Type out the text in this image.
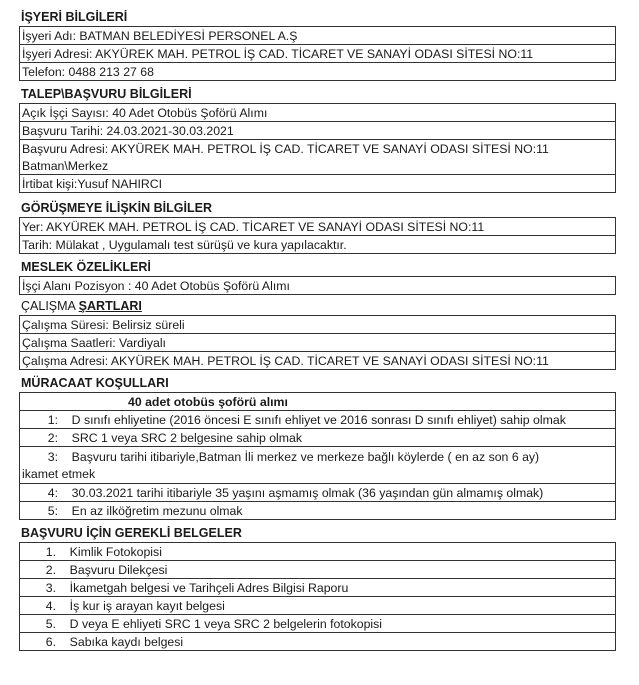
İŞYERİ BİLGİLERİ
İşyeri Adı: BATMAN BELEDİYESİ PERSONEL A.Ş
İşyeri Adresi: AKYÜREK MAH. PETROL İŞ CAD. TİCARET VE SANAYİ ODASI SİTESİ NO:11
Telefon: 0488 213 27 68
TALEP\BAŞVURU BİLGİLERİ
Açık İşçi Sayısı: 40 Adet Otobüs Şoförü Alımı
Başvuru Tarihi: 24.03.2021-30.03.2021
Başvuru Adresi: AKYÜREK MAH. PETROL İŞ CAD. TİCARET VE SANAYİ ODASI SİTESİ NO:11
Batman\Merkez
İrtibat kişi:Yusuf NAHIRCI
GÖRÜŞMEYE İLİŞKİN BİLGİLER
Yer: AKYÜREK MAH. PETROL İŞ CAD. TİCARET VE SANAYİ ODASI SİTESİ NO:11
Tarih: Mülakat , Uygulamalı test sürüşü ve kura yapılacaktır.
MESLEK ÖZELİKLERİ
İşçi Alanı Pozisyon : 40 Adet Otobüs Şoförü Alımı
ÇALIŞMA ŞARTLARI
Çalışma Süresi: Belirsiz süreli
Çalışma Saatleri: Vardiyalı
Çalışma Adresi: AKYÜREK MAH. PETROL İŞ CAD. TİCARET VE SANAYİ ODASI SİTESİ NO:11
MÜRACAAT KOŞULLARI
40 adet otobüs şoförü alımı
1: D sınıfı ehliyetine (2016 öncesi E sınıfı ehliyet ve 2016 sonrası D sınıfı ehliyet) sahip olmak
2: SRC 1 veya SRC 2 belgesine sahip olmak
3: Başvuru tarihi itibariyle,Batman İli merkez ve merkeze bağlı köylerde ( en az son 6 ay)
ikamet etmek
4: 30.03.2021 tarihi itibariyle 35 yaşını aşmamış olmak (36 yaşından gün almamış olmak)
5: En az ilköğretim mezunu olmak
BAŞVURU İÇİN GEREKLİ BELGELER
1. Kimlik Fotokopisi
2. Başvuru Dilekçesi
3. İkametgah belgesi ve Tarihçeli Adres Bilgisi Raporu
4. İş kur iş arayan kayıt belgesi
5. D veya E ehliyeti SRC 1 veya SRC 2 belgelerin fotokopisi
6. Sabıka kaydı belgesi
